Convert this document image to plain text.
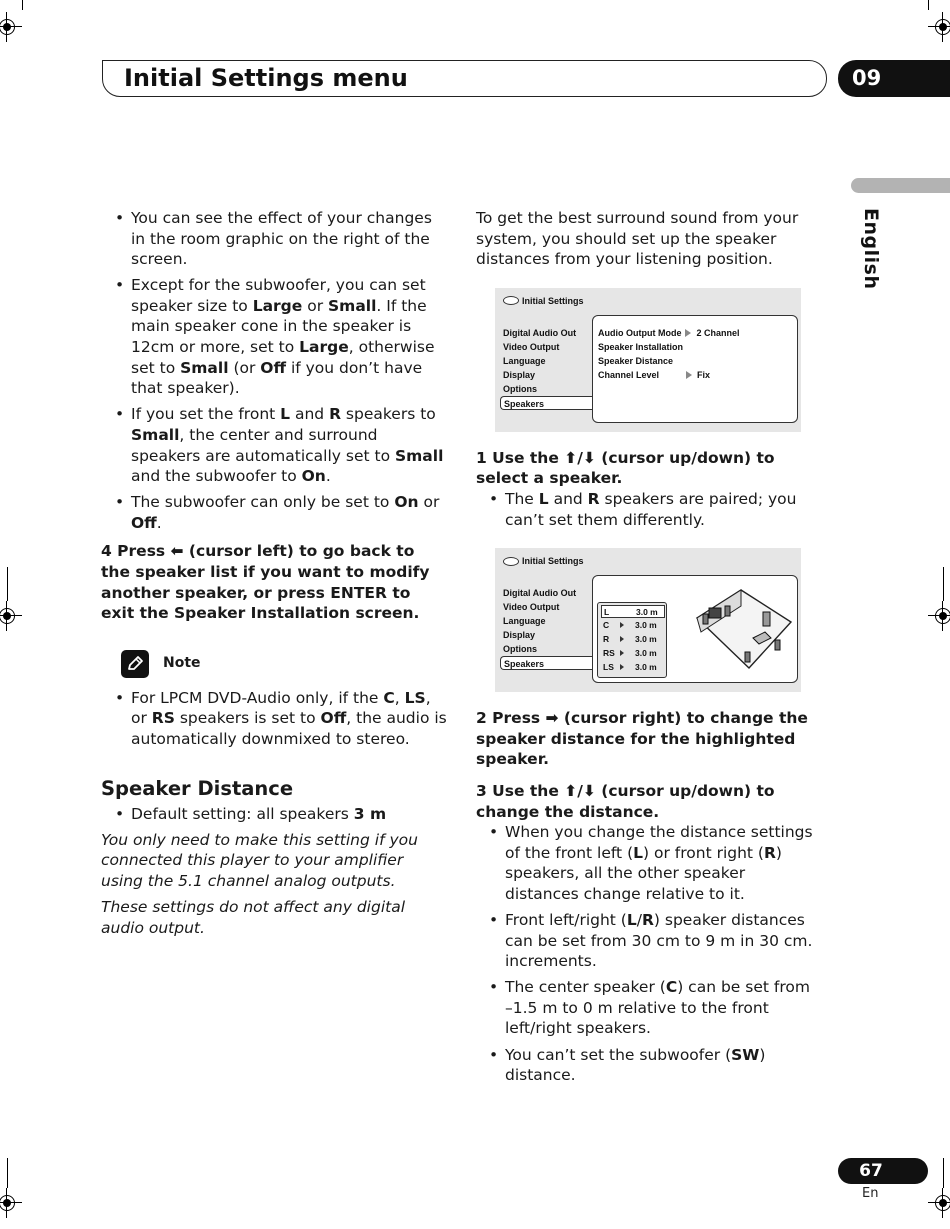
Initial Settings menu	09
English
• You can see the effect of your changes in the room graphic on the right of the screen.
• Except for the subwoofer, you can set speaker size to Large or Small. If the main speaker cone in the speaker is 12cm or more, set to Large, otherwise set to Small (or Off if you don’t have that speaker).
• If you set the front L and R speakers to Small, the center and surround speakers are automatically set to Small and the subwoofer to On.
• The subwoofer can only be set to On or Off.
4 Press ⬅ (cursor left) to go back to the speaker list if you want to modify another speaker, or press ENTER to exit the Speaker Installation screen.
Note
• For LPCM DVD-Audio only, if the C, LS, or RS speakers is set to Off, the audio is automatically downmixed to stereo.
Speaker Distance
• Default setting: all speakers 3 m

You only need to make this setting if you connected this player to your amplifier using the 5.1 channel analog outputs.

These settings do not affect any digital audio output.

To get the best surround sound from your system, you should set up the speaker distances from your listening position.

Initial Settings
Digital Audio Out
Video Output
Language
Display
Options
Speakers
Audio Output Mode 2 Channel
Speaker Installation
Speaker Distance
Channel Level	Fix
1 Use the ⬆/⬇ (cursor up/down) to select a speaker.
• The L and R speakers are paired; you can’t set them differently.
Initial Settings
Digital Audio Out
Video Output
Language
Display
Options
Speakers
L	3.0 m
C	3.0 m
R	3.0 m
RS 3.0 m
LS 3.0 m
2 Press ➡ (cursor right) to change the speaker distance for the highlighted speaker.
3 Use the ⬆/⬇ (cursor up/down) to change the distance.
• When you change the distance settings of the front left (L) or front right (R) speakers, all the other speaker distances change relative to it.
• Front left/right (L/R) speaker distances can be set from 30 cm to 9 m in 30 cm. increments.
• The center speaker (C) can be set from –1.5 m to 0 m relative to the front left/right speakers.
• You can’t set the subwoofer (SW) distance.
67
En
